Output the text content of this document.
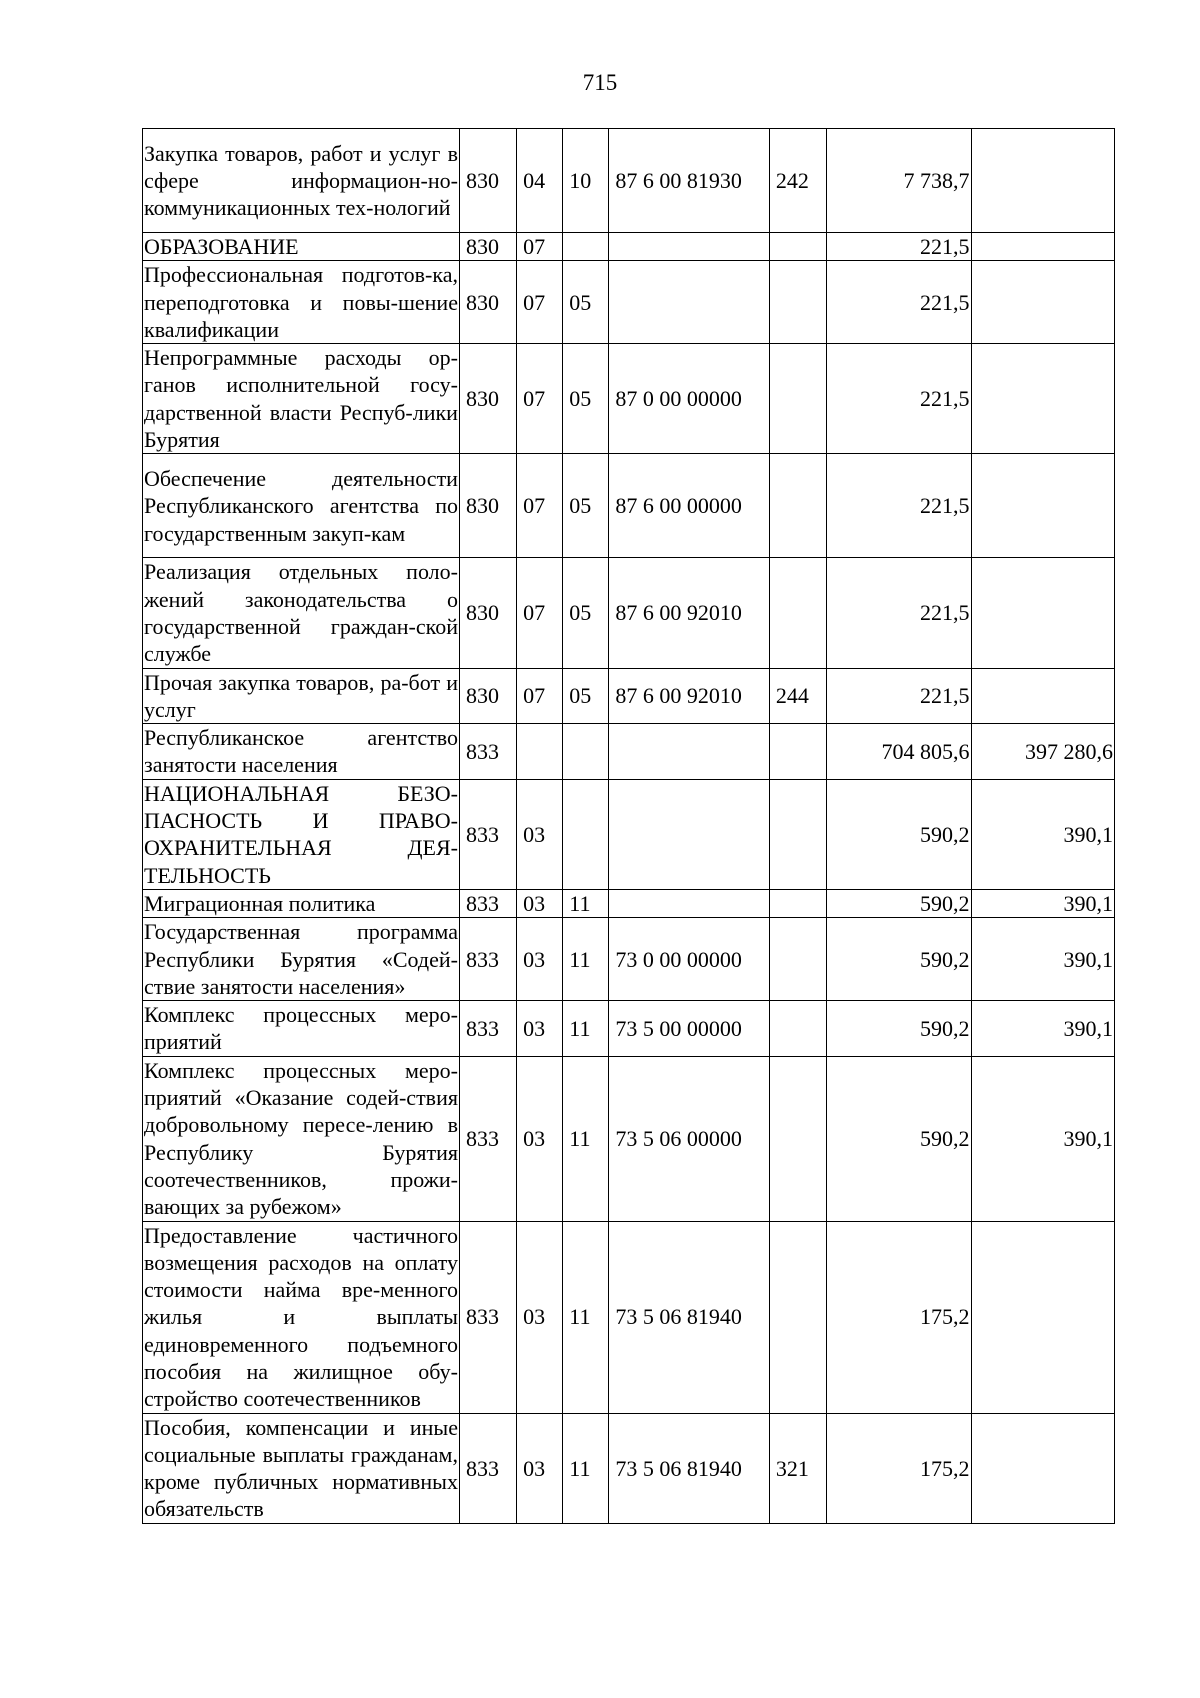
715
Закупка товаров, работ и услуг в сфере информацион-но-коммуникационных тех-нологий	830	04	10	87 6 00 81930	242	7 738,7	
ОБРАЗОВАНИЕ	830	07				221,5	
Профессиональная подготов-ка, переподготовка и повы-шение квалификации	830	07	05			221,5	
Непрограммные расходы ор-ганов исполнительной госу-дарственной власти Респуб-лики Бурятия	830	07	05	87 0 00 00000		221,5	
Обеспечение деятельности Республиканского агентства по государственным закуп-кам	830	07	05	87 6 00 00000		221,5	
Реализация отдельных поло-жений законодательства о государственной граждан-ской службе	830	07	05	87 6 00 92010		221,5	
Прочая закупка товаров, ра-бот и услуг	830	07	05	87 6 00 92010	244	221,5	
Республиканское агентство занятости населения	833					704 805,6	397 280,6
НАЦИОНАЛЬНАЯ БЕЗО-ПАСНОСТЬ И ПРАВО-ОХРАНИТЕЛЬНАЯ ДЕЯ-ТЕЛЬНОСТЬ	833	03				590,2	390,1
Миграционная политика	833	03	11			590,2	390,1
Государственная программа Республики Бурятия «Содей-ствие занятости населения»	833	03	11	73 0 00 00000		590,2	390,1
Комплекс процессных меро-приятий	833	03	11	73 5 00 00000		590,2	390,1
Комплекс процессных меро-приятий «Оказание содей-ствия добровольному пересе-лению в Республику Бурятия соотечественников, прожи-вающих за рубежом»	833	03	11	73 5 06 00000		590,2	390,1
Предоставление частичного возмещения расходов на оплату стоимости найма вре-менного жилья и выплаты единовременного подъемного пособия на жилищное обу-стройство соотечественников	833	03	11	73 5 06 81940		175,2	
Пособия, компенсации и иные социальные выплаты гражданам, кроме публичных нормативных обязательств	833	03	11	73 5 06 81940	321	175,2	
